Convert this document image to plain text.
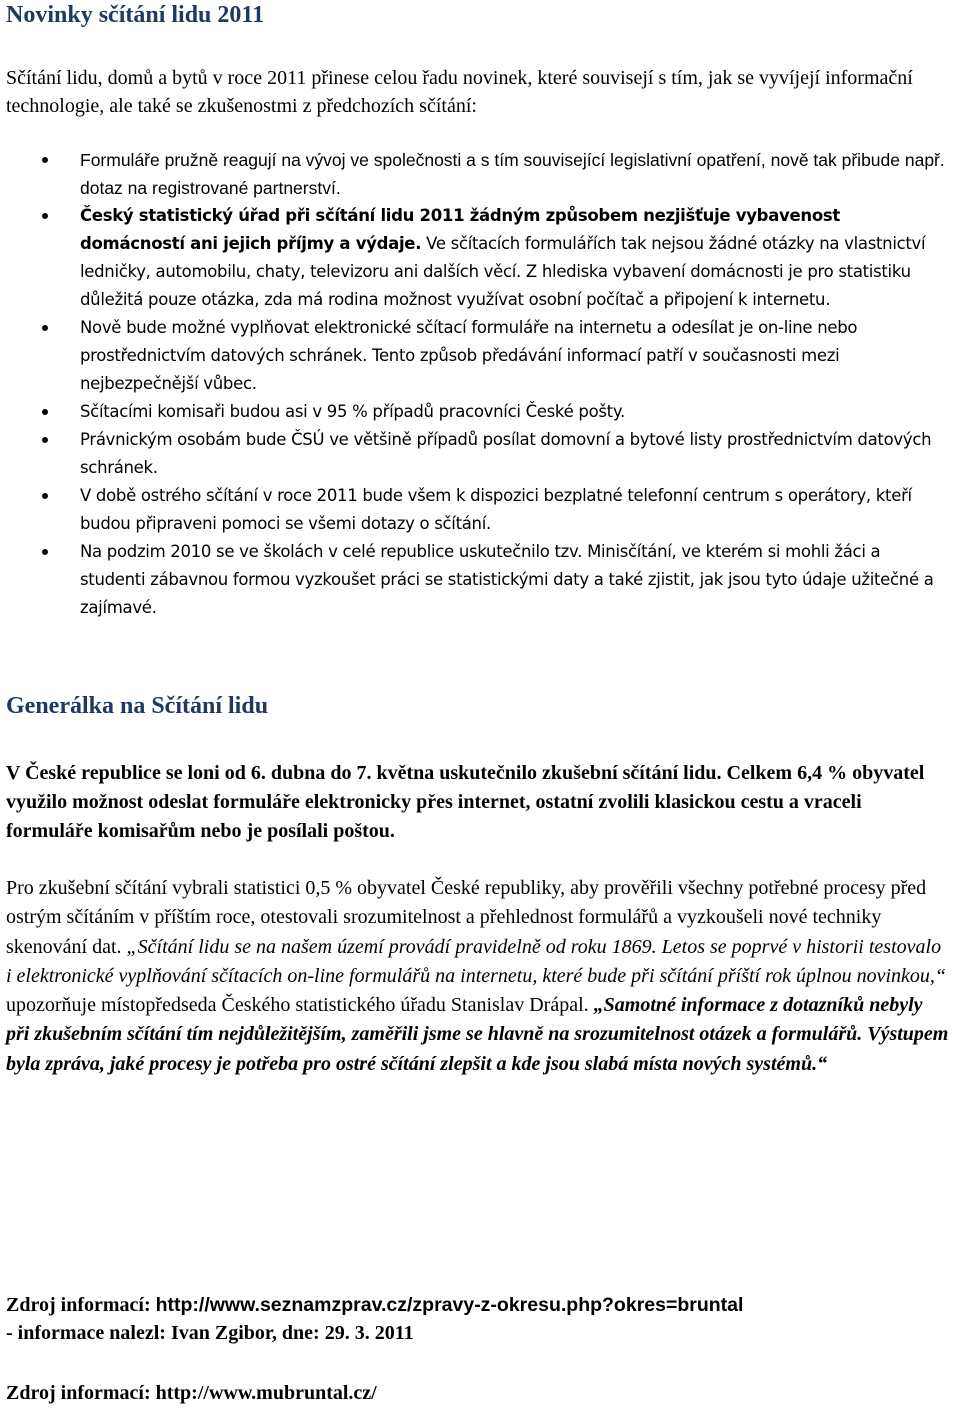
Novinky sčítání lidu 2011

Sčítání lidu, domů a bytů v roce 2011 přinese celou řadu novinek, které souvisejí s tím, jak se vyvíjejí informační technologie, ale také se zkušenostmi z předchozích sčítání:

Formuláře pružně reagují na vývoj ve společnosti a s tím související legislativní opatření, nově tak přibude např. dotaz na registrované partnerství.
Český statistický úřad při sčítání lidu 2011 žádným způsobem nezjišťuje vybavenost domácností ani jejich příjmy a výdaje. Ve sčítacích formulářích tak nejsou žádné otázky na vlastnictví ledničky, automobilu, chaty, televizoru ani dalších věcí. Z hlediska vybavení domácnosti je pro statistiku důležitá pouze otázka, zda má rodina možnost využívat osobní počítač a připojení k internetu.
Nově bude možné vyplňovat elektronické sčítací formuláře na internetu a odesílat je on-line nebo prostřednictvím datových schránek. Tento způsob předávání informací patří v současnosti mezi nejbezpečnější vůbec.
Sčítacími komisaři budou asi v 95 % případů pracovníci České pošty.
Právnickým osobám bude ČSÚ ve většině případů posílat domovní a bytové listy prostřednictvím datových schránek.
V době ostrého sčítání v roce 2011 bude všem k dispozici bezplatné telefonní centrum s operátory, kteří budou připraveni pomoci se všemi dotazy o sčítání.
Na podzim 2010 se ve školách v celé republice uskutečnilo tzv. Minisčítání, ve kterém si mohli žáci a studenti zábavnou formou vyzkoušet práci se statistickými daty a také zjistit, jak jsou tyto údaje užitečné a zajímavé.
Generálka na Sčítání lidu

V České republice se loni od 6. dubna do 7. května uskutečnilo zkušební sčítání lidu. Celkem 6,4 % obyvatel využilo možnost odeslat formuláře elektronicky přes internet, ostatní zvolili klasickou cestu a vraceli formuláře komisařům nebo je posílali poštou.

Pro zkušební sčítání vybrali statistici 0,5 % obyvatel České republiky, aby prověřili všechny potřebné procesy před ostrým sčítáním v příštím roce, otestovali srozumitelnost a přehlednost formulářů a vyzkoušeli nové techniky skenování dat. „Sčítání lidu se na našem území provádí pravidelně od roku 1869. Letos se poprvé v historii testovalo i elektronické vyplňování sčítacích on-line formulářů na internetu, které bude při sčítání příští rok úplnou novinkou,“ upozorňuje místopředseda Českého statistického úřadu Stanislav Drápal. „Samotné informace z dotazníků nebyly při zkušebním sčítání tím nejdůležitějším, zaměřili jsme se hlavně na srozumitelnost otázek a formulářů. Výstupem byla zpráva, jaké procesy je potřeba pro ostré sčítání zlepšit a kde jsou slabá místa nových systémů.“

Zdroj informací: http://www.seznamzprav.cz/zpravy-z-okresu.php?okres=bruntal

- informace nalezl: Ivan Zgibor, dne: 29. 3. 2011

Zdroj informací: http://www.mubruntal.cz/
